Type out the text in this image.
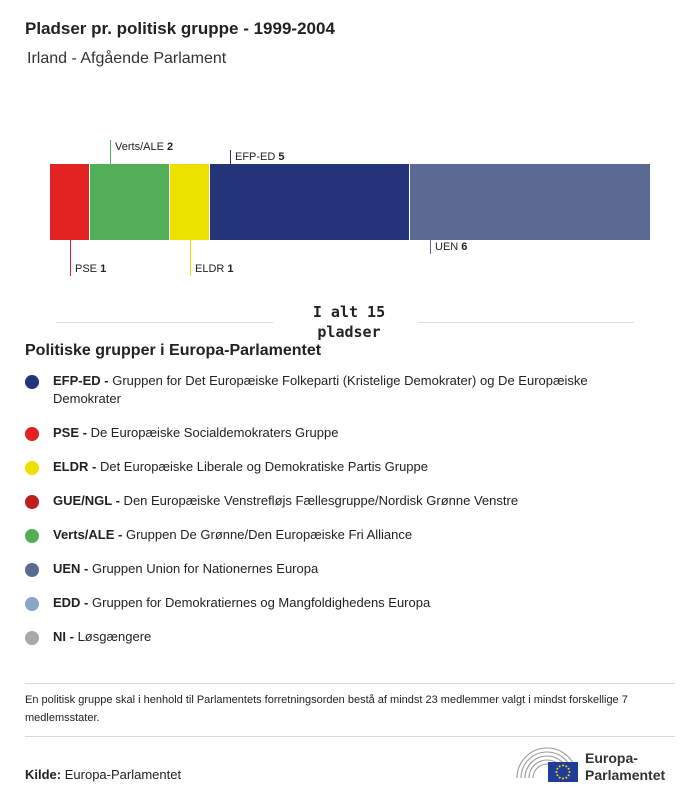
Pladser pr. politisk gruppe - 1999-2004
Irland - Afgående Parlament
PSE 1
Verts/ALE 2
ELDR 1
EFP-ED 5
UEN 6
I alt 15 pladser
Politiske grupper i Europa-Parlamentet
EFP-ED - Gruppen for Det Europæiske Folkeparti (Kristelige Demokrater) og De Europæiske Demokrater
PSE - De Europæiske Socialdemokraters Gruppe
ELDR - Det Europæiske Liberale og Demokratiske Partis Gruppe
GUE/NGL - Den Europæiske Venstrefløjs Fællesgruppe/Nordisk Grønne Venstre
Verts/ALE - Gruppen De Grønne/Den Europæiske Fri Alliance
UEN - Gruppen Union for Nationernes Europa
EDD - Gruppen for Demokratiernes og Mangfoldighedens Europa
NI - Løsgængere
En politisk gruppe skal i henhold til Parlamentets forretningsorden bestå af mindst 23 medlemmer valgt i mindst forskellige 7 medlemsstater.
Kilde: Europa-Parlamentet
Europa-
Parlamentet
